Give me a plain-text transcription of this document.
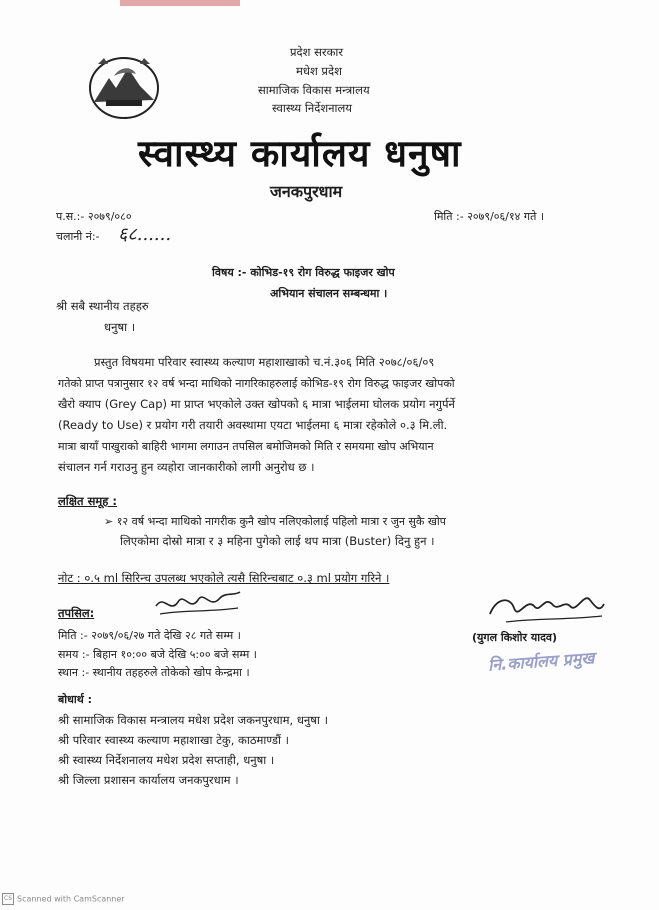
प्रदेश सरकार
मधेश प्रदेश
सामाजिक विकास मन्त्रालय
स्वास्थ्य निर्देशनालय
स्वास्थ्य कार्यालय धनुषा
जनकपुरधाम
प.स.:- २०७९/०८०	मिति :- २०७९/०६/१४ गते ।
चलानी नं:- ६८......
विषय :- कोभिड-१९ रोग विरुद्ध फाइजर खोप
अभियान संचालन सम्बन्धमा ।
श्री सबै स्थानीय तहहरु
धनुषा ।
प्रस्तुत विषयमा परिवार स्वास्थ्य कल्याण महाशाखाको च.नं.३०६ मिति २०७८/०६/०९
गतेको प्राप्त पत्रानुसार १२ वर्ष भन्दा माथिको नागरिकाहरुलाई कोभिड-१९ रोग विरुद्ध फाइजर खोपको
खैरो क्याप (Grey Cap) मा प्राप्त भएकोले उक्त खोपको ६ मात्रा भाईलमा घोलक प्रयोग नगुर्पर्ने
(Ready to Use) र प्रयोग गरी तयारी अवस्थामा एयटा भाईलमा ६ मात्रा रहेकोले ०.३ मि.ली.
मात्रा बायाँ पाखुराको बाहिरी भागमा लगाउन तपसिल बमोजिमको मिति र समयमा खोप अभियान
संचालन गर्न गराउनु हुन व्यहोरा जानकारीको लागी अनुरोध छ ।
लक्षित समूह :
➢ १२ वर्ष भन्दा माथिको नागरीक कुनै खोप नलिएकोलाई पहिलो मात्रा र जुन सुकै खोप
लिएकोमा दोस्रो मात्रा र ३ महिना पुगेको लाई थप मात्रा (Buster) दिनु हुन ।
नोट : ०.५ ml सिरिन्च उपलब्ध भएकोले त्यसै सिरिन्चबाट ०.३ ml प्रयोग गरिने ।
तपसिल:
मिति :- २०७९/०६/२७ गते देखि २८ गते सम्म ।
समय :- बिहान १०:०० बजे देखि ५:०० बजे सम्म ।
स्थान :- स्थानीय तहहरुले तोकेको खोप केन्द्रमा ।
(युगल किशोर यादव)
नि.कार्यालय प्रमुख
बोधार्थ :
श्री सामाजिक विकास मन्त्रालय मधेश प्रदेश जकनपुरधाम, धनुषा ।
श्री परिवार स्वास्थ्य कल्याण महाशाखा टेकु, काठमाण्डौं ।
श्री स्वास्थ्य निर्देशनालय मधेश प्रदेश सप्ताही, धनुषा ।
श्री जिल्ला प्रशासन कार्यालय जनकपुरधाम ।
CS Scanned with CamScanner
